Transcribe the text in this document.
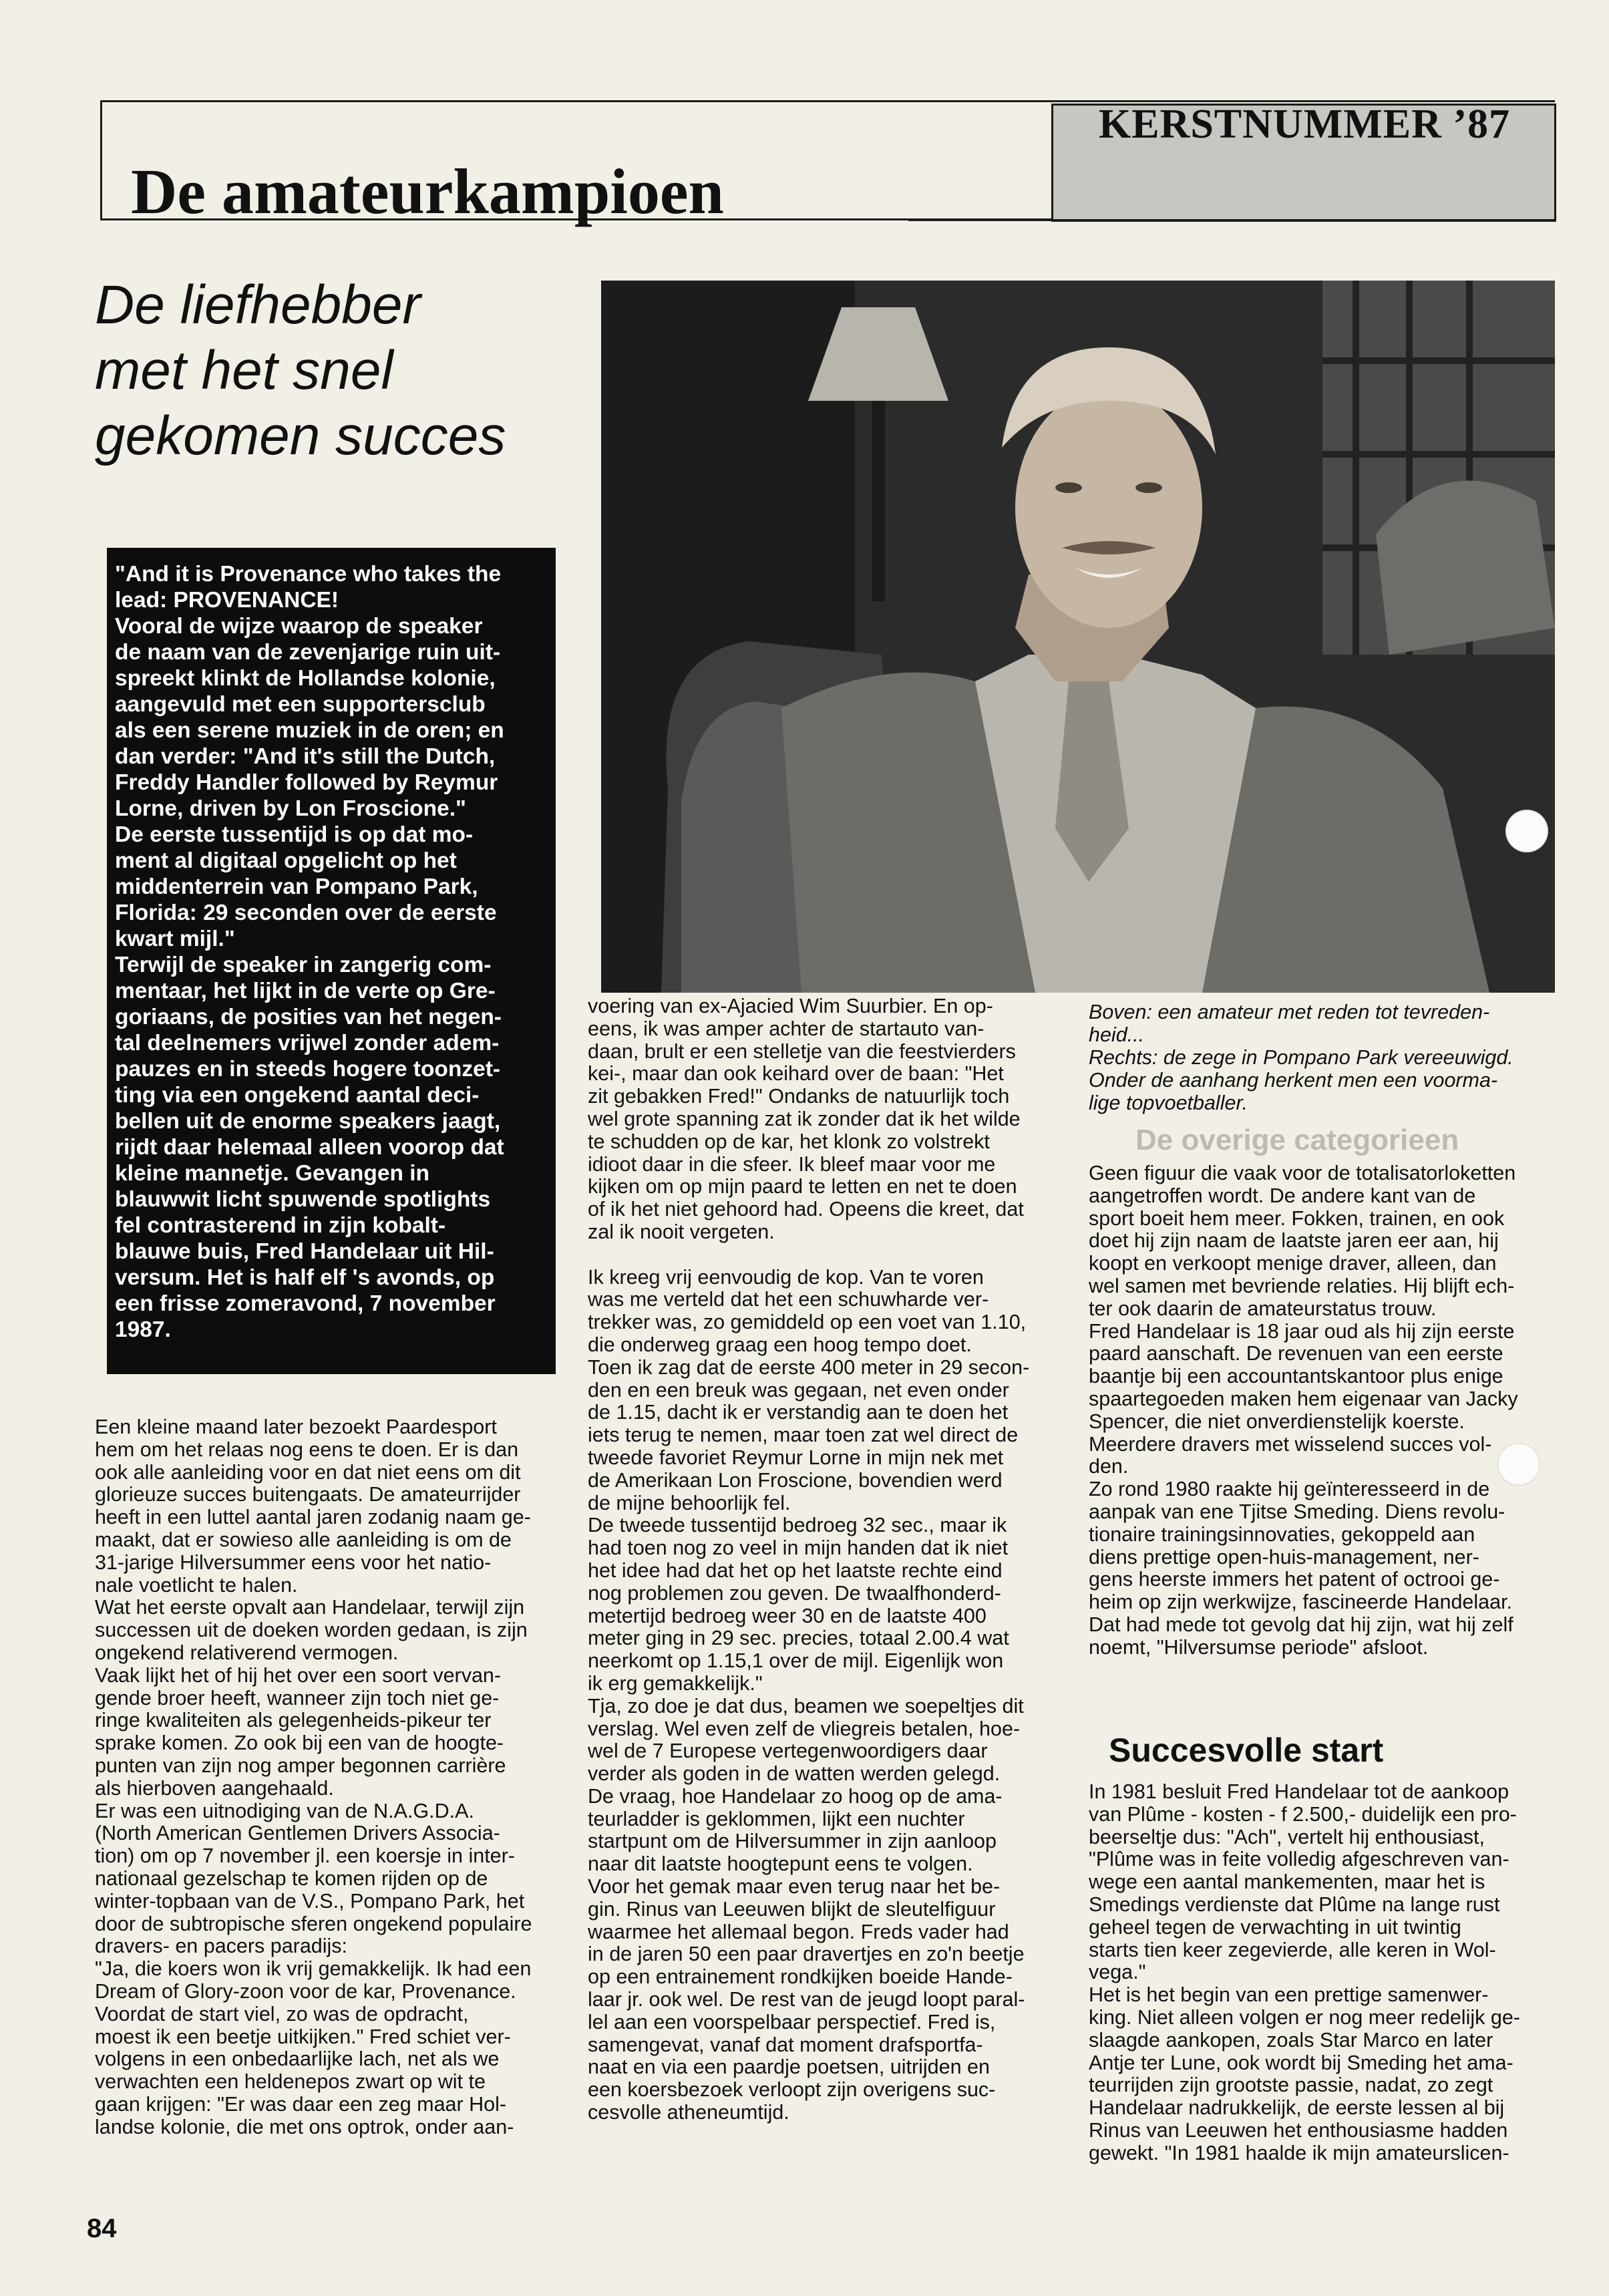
KERSTNUMMER ’87
De amateurkampioen
De liefhebber
met het snel
gekomen succes
"And it is Provenance who takes the
lead: PROVENANCE!
Vooral de wijze waarop de speaker
de naam van de zevenjarige ruin uit-
spreekt klinkt de Hollandse kolonie,
aangevuld met een supportersclub
als een serene muziek in de oren; en
dan verder: "And it's still the Dutch,
Freddy Handler followed by Reymur
Lorne, driven by Lon Froscione."
De eerste tussentijd is op dat mo-
ment al digitaal opgelicht op het
middenterrein van Pompano Park,
Florida: 29 seconden over de eerste
kwart mijl."
Terwijl de speaker in zangerig com-
mentaar, het lijkt in de verte op Gre-
goriaans, de posities van het negen-
tal deelnemers vrijwel zonder adem-
pauzes en in steeds hogere toonzet-
ting via een ongekend aantal deci-
bellen uit de enorme speakers jaagt,
rijdt daar helemaal alleen voorop dat
kleine mannetje. Gevangen in
blauwwit licht spuwende spotlights
fel contrasterend in zijn kobalt-
blauwe buis, Fred Handelaar uit Hil-
versum. Het is half elf 's avonds, op
een frisse zomeravond, 7 november
1987.
Een kleine maand later bezoekt Paardesport
hem om het relaas nog eens te doen. Er is dan
ook alle aanleiding voor en dat niet eens om dit
glorieuze succes buitengaats. De amateurrijder
heeft in een luttel aantal jaren zodanig naam ge-
maakt, dat er sowieso alle aanleiding is om de
31-jarige Hilversummer eens voor het natio-
nale voetlicht te halen.
Wat het eerste opvalt aan Handelaar, terwijl zijn
successen uit de doeken worden gedaan, is zijn
ongekend relativerend vermogen.
Vaak lijkt het of hij het over een soort vervan-
gende broer heeft, wanneer zijn toch niet ge-
ringe kwaliteiten als gelegenheids-pikeur ter
sprake komen. Zo ook bij een van de hoogte-
punten van zijn nog amper begonnen carrière
als hierboven aangehaald.
Er was een uitnodiging van de N.A.G.D.A.
(North American Gentlemen Drivers Associa-
tion) om op 7 november jl. een koersje in inter-
nationaal gezelschap te komen rijden op de
winter-topbaan van de V.S., Pompano Park, het
door de subtropische sferen ongekend populaire
dravers- en pacers paradijs:
"Ja, die koers won ik vrij gemakkelijk. Ik had een
Dream of Glory-zoon voor de kar, Provenance.
Voordat de start viel, zo was de opdracht,
moest ik een beetje uitkijken." Fred schiet ver-
volgens in een onbedaarlijke lach, net als we
verwachten een heldenepos zwart op wit te
gaan krijgen: "Er was daar een zeg maar Hol-
landse kolonie, die met ons optrok, onder aan-
voering van ex-Ajacied Wim Suurbier. En op-
eens, ik was amper achter de startauto van-
daan, brult er een stelletje van die feestvierders
kei-, maar dan ook keihard over de baan: "Het
zit gebakken Fred!" Ondanks de natuurlijk toch
wel grote spanning zat ik zonder dat ik het wilde
te schudden op de kar, het klonk zo volstrekt
idioot daar in die sfeer. Ik bleef maar voor me
kijken om op mijn paard te letten en net te doen
of ik het niet gehoord had. Opeens die kreet, dat
zal ik nooit vergeten.

Ik kreeg vrij eenvoudig de kop. Van te voren
was me verteld dat het een schuwharde ver-
trekker was, zo gemiddeld op een voet van 1.10,
die onderweg graag een hoog tempo doet.
Toen ik zag dat de eerste 400 meter in 29 secon-
den en een breuk was gegaan, net even onder
de 1.15, dacht ik er verstandig aan te doen het
iets terug te nemen, maar toen zat wel direct de
tweede favoriet Reymur Lorne in mijn nek met
de Amerikaan Lon Froscione, bovendien werd
de mijne behoorlijk fel.
De tweede tussentijd bedroeg 32 sec., maar ik
had toen nog zo veel in mijn handen dat ik niet
het idee had dat het op het laatste rechte eind
nog problemen zou geven. De twaalfhonderd-
metertijd bedroeg weer 30 en de laatste 400
meter ging in 29 sec. precies, totaal 2.00.4 wat
neerkomt op 1.15,1 over de mijl. Eigenlijk won
ik erg gemakkelijk."
Tja, zo doe je dat dus, beamen we soepeltjes dit
verslag. Wel even zelf de vliegreis betalen, hoe-
wel de 7 Europese vertegenwoordigers daar
verder als goden in de watten werden gelegd.
De vraag, hoe Handelaar zo hoog op de ama-
teurladder is geklommen, lijkt een nuchter
startpunt om de Hilversummer in zijn aanloop
naar dit laatste hoogtepunt eens te volgen.
Voor het gemak maar even terug naar het be-
gin. Rinus van Leeuwen blijkt de sleutelfiguur
waarmee het allemaal begon. Freds vader had
in de jaren 50 een paar dravertjes en zo'n beetje
op een entrainement rondkijken boeide Hande-
laar jr. ook wel. De rest van de jeugd loopt paral-
lel aan een voorspelbaar perspectief. Fred is,
samengevat, vanaf dat moment drafsportfa-
naat en via een paardje poetsen, uitrijden en
een koersbezoek verloopt zijn overigens suc-
cesvolle atheneumtijd.
Boven: een amateur met reden tot tevreden-
heid...
Rechts: de zege in Pompano Park vereeuwigd.
Onder de aanhang herkent men een voormа-
lige topvoetballer.
De overige categorieen
Geen figuur die vaak voor de totalisatorloketten
aangetroffen wordt. De andere kant van de
sport boeit hem meer. Fokken, trainen, en ook
doet hij zijn naam de laatste jaren eer aan, hij
koopt en verkoopt menige draver, alleen, dan
wel samen met bevriende relaties. Hij blijft ech-
ter ook daarin de amateurstatus trouw.
Fred Handelaar is 18 jaar oud als hij zijn eerste
paard aanschaft. De revenuen van een eerste
baantje bij een accountantskantoor plus enige
spaartegoeden maken hem eigenaar van Jacky
Spencer, die niet onverdienstelijk koerste.
Meerdere dravers met wisselend succes vol-
den.
Zo rond 1980 raakte hij geïnteresseerd in de
aanpak van ene Tjitse Smeding. Diens revolu-
tionaire trainingsinnovaties, gekoppeld aan
diens prettige open-huis-management, ner-
gens heerste immers het patent of octrooi ge-
heim op zijn werkwijze, fascineerde Handelaar.
Dat had mede tot gevolg dat hij zijn, wat hij zelf
noemt, "Hilversumse periode" afsloot.
Succesvolle start
In 1981 besluit Fred Handelaar tot de aankoop
van Plûme - kosten - f 2.500,- duidelijk een pro-
beerseltje dus: "Ach", vertelt hij enthousiast,
"Plûme was in feite volledig afgeschreven van-
wege een aantal mankementen, maar het is
Smedings verdienste dat Plûme na lange rust
geheel tegen de verwachting in uit twintig
starts tien keer zegevierde, alle keren in Wol-
vega."
Het is het begin van een prettige samenwer-
king. Niet alleen volgen er nog meer redelijk ge-
slaagde aankopen, zoals Star Marco en later
Antje ter Lune, ook wordt bij Smeding het ama-
teurrijden zijn grootste passie, nadat, zo zegt
Handelaar nadrukkelijk, de eerste lessen al bij
Rinus van Leeuwen het enthousiasme hadden
gewekt. "In 1981 haalde ik mijn amateurslicen-
84
